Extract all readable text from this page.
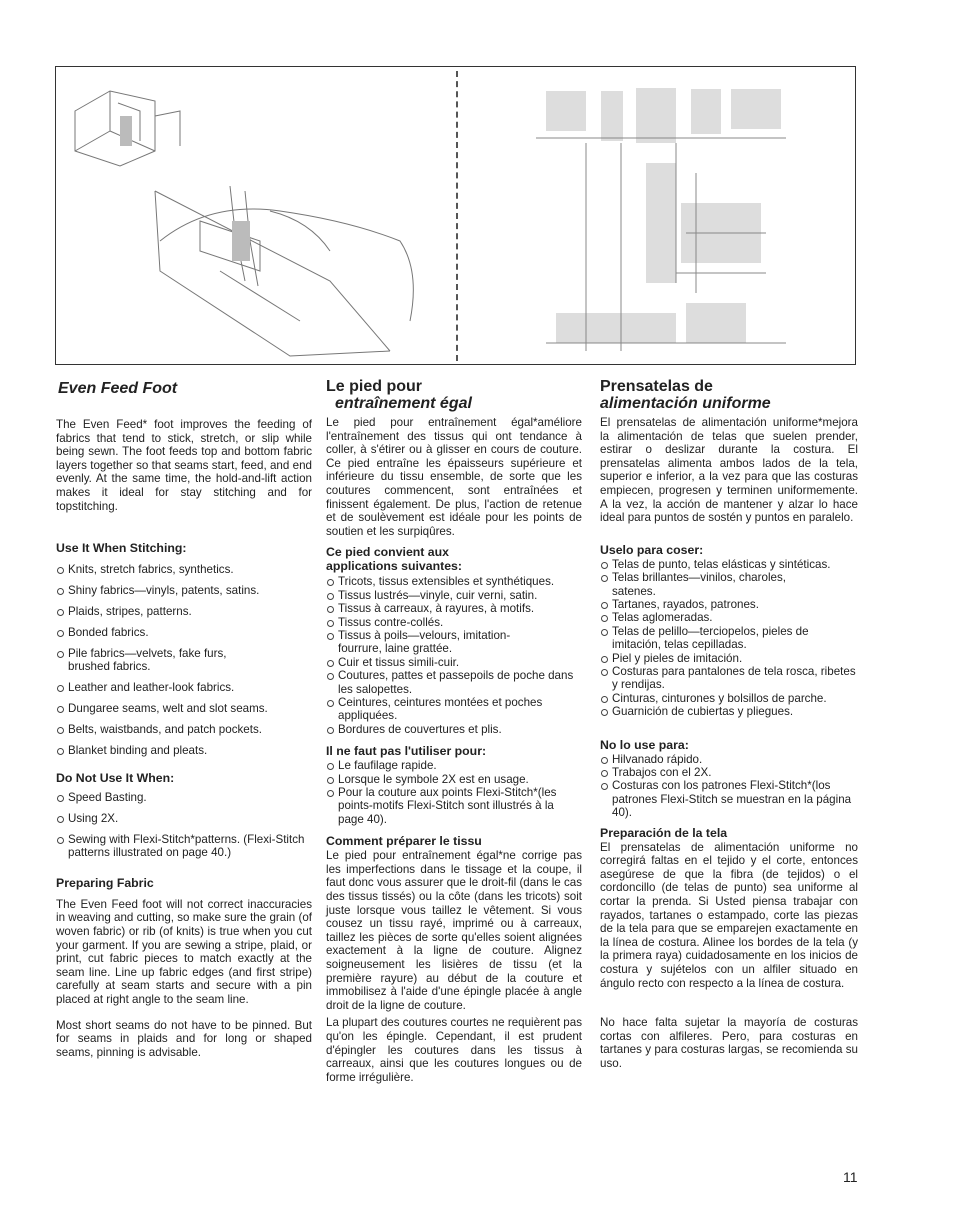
Even Feed Foot

The Even Feed* foot improves the feeding of fabrics that tend to stick, stretch, or slip while being sewn. The foot feeds top and bottom fabric layers together so that seams start, feed, and end evenly. At the same time, the hold-and-lift action makes it ideal for stay stitching and for topstitching.

Use It When Stitching:
Knits, stretch fabrics, synthetics.
Shiny fabrics—vinyls, patents, satins.
Plaids, stripes, patterns.
Bonded fabrics.
Pile fabrics—velvets, fake furs, brushed fabrics.
Leather and leather-look fabrics.
Dungaree seams, welt and slot seams.
Belts, waistbands, and patch pockets.
Blanket binding and pleats.
Do Not Use It When:
Speed Basting.
Using 2X.
Sewing with Flexi-Stitch*patterns. (Flexi-Stitch patterns illustrated on page 40.)
Preparing Fabric

The Even Feed foot will not correct inaccuracies in weaving and cutting, so make sure the grain (of woven fabric) or rib (of knits) is true when you cut your garment. If you are sewing a stripe, plaid, or print, cut fabric pieces to match exactly at the seam line. Line up fabric edges (and first stripe) carefully at seam starts and secure with a pin placed at right angle to the seam line.

Most short seams do not have to be pinned. But for seams in plaids and for long or shaped seams, pinning is advisable.

Le pied pour
entraînement égal

Le pied pour entraînement égal*améliore l'entraînement des tissus qui ont tendance à coller, à s'étirer ou à glisser en cours de couture. Ce pied entraîne les épaisseurs supérieure et inférieure du tissu ensemble, de sorte que les coutures commencent, sont entraînées et finissent également. De plus, l'action de retenue et de soulèvement est idéale pour les points de soutien et les surpiqûres.

Ce pied convient aux
applications suivantes:
Tricots, tissus extensibles et synthétiques.
Tissus lustrés—vinyle, cuir verni, satin.
Tissus à carreaux, à rayures, à motifs.
Tissus contre-collés.
Tissus à poils—velours, imitation-fourrure, laine grattée.
Cuir et tissus simili-cuir.
Coutures, pattes et passepoils de poche dans les salopettes.
Ceintures, ceintures montées et poches appliquées.
Bordures de couvertures et plis.
Il ne faut pas l'utiliser pour:
Le faufilage rapide.
Lorsque le symbole 2X est en usage.
Pour la couture aux points Flexi-Stitch*(les points-motifs Flexi-Stitch sont illustrés à la page 40).
Comment préparer le tissu

Le pied pour entraînement égal*ne corrige pas les imperfections dans le tissage et la coupe, il faut donc vous assurer que le droit-fil (dans le cas des tissus tissés) ou la côte (dans les tricots) soit juste lorsque vous taillez le vêtement. Si vous cousez un tissu rayé, imprimé ou à carreaux, taillez les pièces de sorte qu'elles soient alignées exactement à la ligne de couture. Alignez soigneusement les lisières de tissu (et la première rayure) au début de la couture et immobilisez à l'aide d'une épingle placée à angle droit de la ligne de couture.

La plupart des coutures courtes ne requièrent pas qu'on les épingle. Cependant, il est prudent d'épingler les coutures dans les tissus à carreaux, ainsi que les coutures longues ou de forme irrégulière.

Prensatelas de
alimentación uniforme

El prensatelas de alimentación uniforme*mejora la alimentación de telas que suelen prender, estirar o deslizar durante la costura. El prensatelas alimenta ambos lados de la tela, superior e inferior, a la vez para que las costuras empiecen, progresen y terminen uniformemente. A la vez, la acción de mantener y alzar lo hace ideal para puntos de sostén y puntos en paralelo.

Uselo para coser:
Telas de punto, telas elásticas y sintéticas.
Telas brillantes—vinilos, charoles, satenes.
Tartanes, rayados, patrones.
Telas aglomeradas.
Telas de pelillo—terciopelos, pieles de imitación, telas cepilladas.
Piel y pieles de imitación.
Costuras para pantalones de tela rosca, ribetes y rendijas.
Cinturas, cinturones y bolsillos de parche.
Guarnición de cubiertas y pliegues.
No lo use para:
Hilvanado rápido.
Trabajos con el 2X.
Costuras con los patrones Flexi-Stitch*(los patrones Flexi-Stitch se muestran en la página 40).
Preparación de la tela

El prensatelas de alimentación uniforme no corregirá faltas en el tejido y el corte, entonces asegúrese de que la fibra (de tejidos) o el cordoncillo (de telas de punto) sea uniforme al cortar la prenda. Si Usted piensa trabajar con rayados, tartanes o estampado, corte las piezas de la tela para que se emparejen exactamente en la línea de costura. Alinee los bordes de la tela (y la primera raya) cuidadosamente en los inicios de costura y sujételos con un alfiler situado en ángulo recto con respecto a la línea de costura.

No hace falta sujetar la mayoría de costuras cortas con alfileres. Pero, para costuras en tartanes y para costuras largas, se recomienda su uso.

11
